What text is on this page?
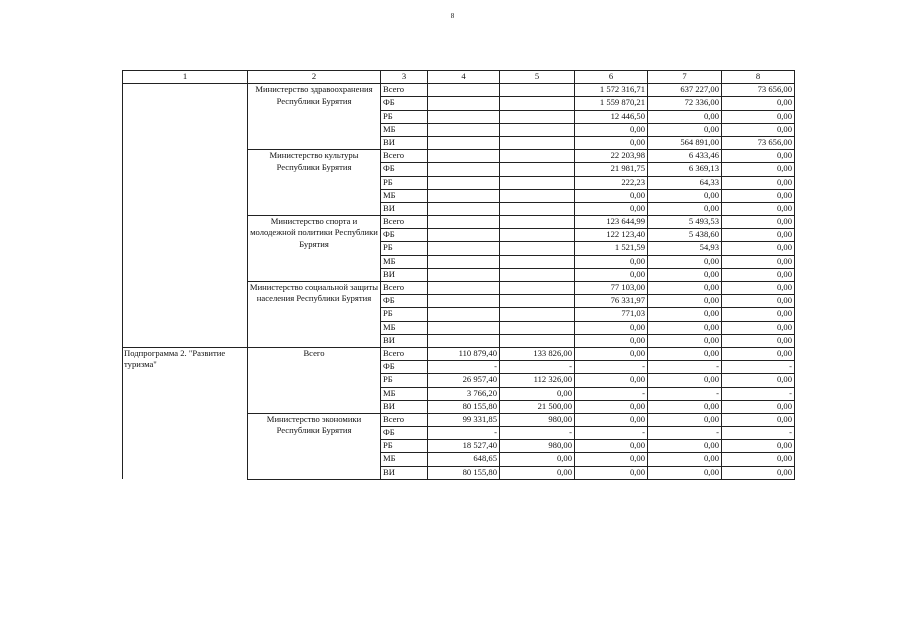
8
1	2	3	4	5	6	7	8
	Министерство здравоохранения Республики Бурятия	Всего			1 572 316,71	637 227,00	73 656,00
		ФБ			1 559 870,21	72 336,00	0,00
		РБ			12 446,50	0,00	0,00
		МБ			0,00	0,00	0,00
		ВИ			0,00	564 891,00	73 656,00
	Министерство культуры Республики Бурятия	Всего			22 203,98	6 433,46	0,00
		ФБ			21 981,75	6 369,13	0,00
		РБ			222,23	64,33	0,00
		МБ			0,00	0,00	0,00
		ВИ			0,00	0,00	0,00
	Министерство спорта и молодежной политики Республики Бурятия	Всего			123 644,99	5 493,53	0,00
		ФБ			122 123,40	5 438,60	0,00
		РБ			1 521,59	54,93	0,00
		МБ			0,00	0,00	0,00
		ВИ			0,00	0,00	0,00
	Министерство социальной защиты населения Республики Бурятия	Всего			77 103,00	0,00	0,00
		ФБ			76 331,97	0,00	0,00
		РБ			771,03	0,00	0,00
		МБ			0,00	0,00	0,00
		ВИ			0,00	0,00	0,00
Подпрограмма 2. "Развитие туризма"	Всего	Всего	110 879,40	133 826,00	0,00	0,00	0,00
		ФБ	-	-	-	-	-
		РБ	26 957,40	112 326,00	0,00	0,00	0,00
		МБ	3 766,20	0,00	-	-	-
		ВИ	80 155,80	21 500,00	0,00	0,00	0,00
	Министерство экономики Республики Бурятия	Всего	99 331,85	980,00	0,00	0,00	0,00
		ФБ	-	-	-	-	-
		РБ	18 527,40	980,00	0,00	0,00	0,00
		МБ	648,65	0,00	0,00	0,00	0,00
		ВИ	80 155,80	0,00	0,00	0,00	0,00
